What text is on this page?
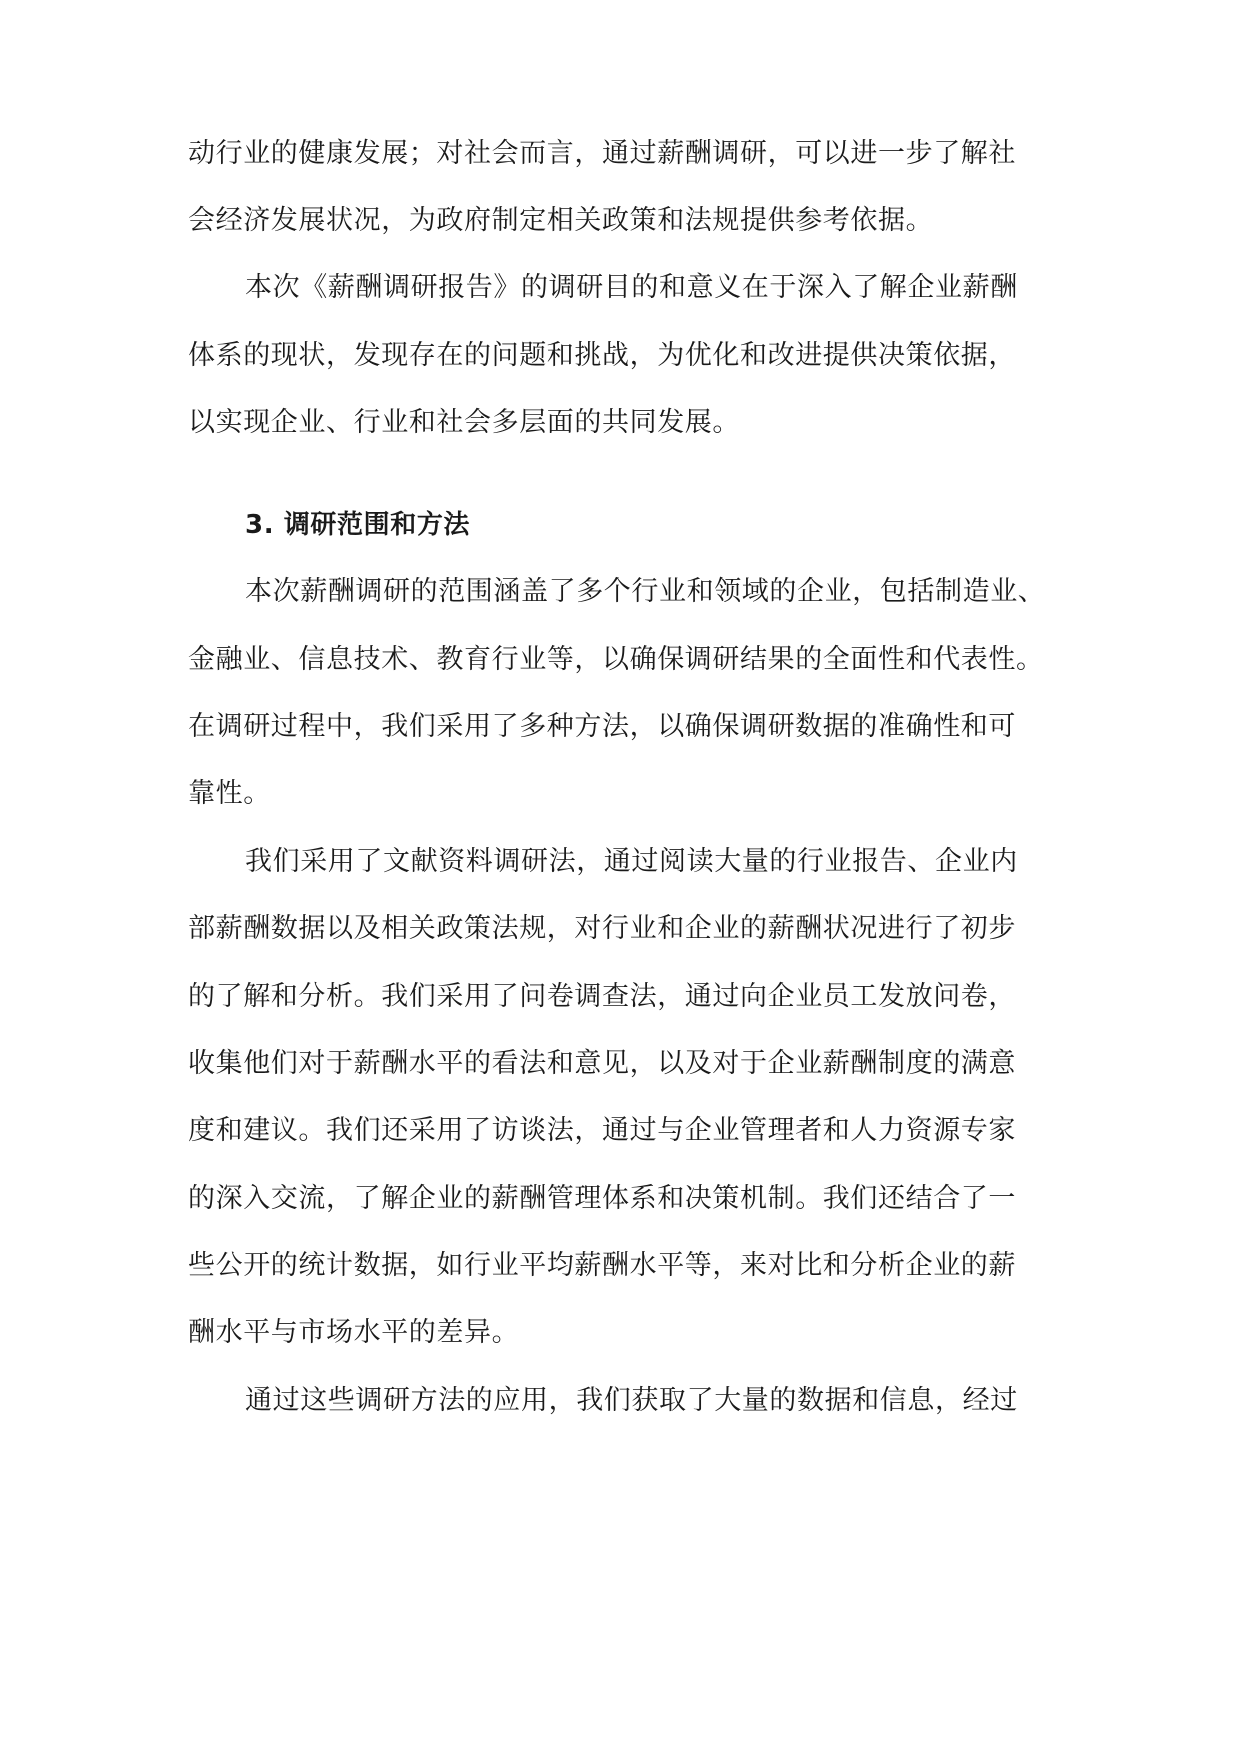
动行业的健康发展；对社会而言，通过薪酬调研，可以进一步了解社

会经济发展状况，为政府制定相关政策和法规提供参考依据。

本次《薪酬调研报告》的调研目的和意义在于深入了解企业薪酬

体系的现状，发现存在的问题和挑战，为优化和改进提供决策依据，

以实现企业、行业和社会多层面的共同发展。

3. 调研范围和方法

本次薪酬调研的范围涵盖了多个行业和领域的企业，包括制造业、

金融业、信息技术、教育行业等，以确保调研结果的全面性和代表性。

在调研过程中，我们采用了多种方法，以确保调研数据的准确性和可

靠性。

我们采用了文献资料调研法，通过阅读大量的行业报告、企业内

部薪酬数据以及相关政策法规，对行业和企业的薪酬状况进行了初步

的了解和分析。我们采用了问卷调查法，通过向企业员工发放问卷，

收集他们对于薪酬水平的看法和意见，以及对于企业薪酬制度的满意

度和建议。我们还采用了访谈法，通过与企业管理者和人力资源专家

的深入交流，了解企业的薪酬管理体系和决策机制。我们还结合了一

些公开的统计数据，如行业平均薪酬水平等，来对比和分析企业的薪

酬水平与市场水平的差异。

通过这些调研方法的应用，我们获取了大量的数据和信息，经过
